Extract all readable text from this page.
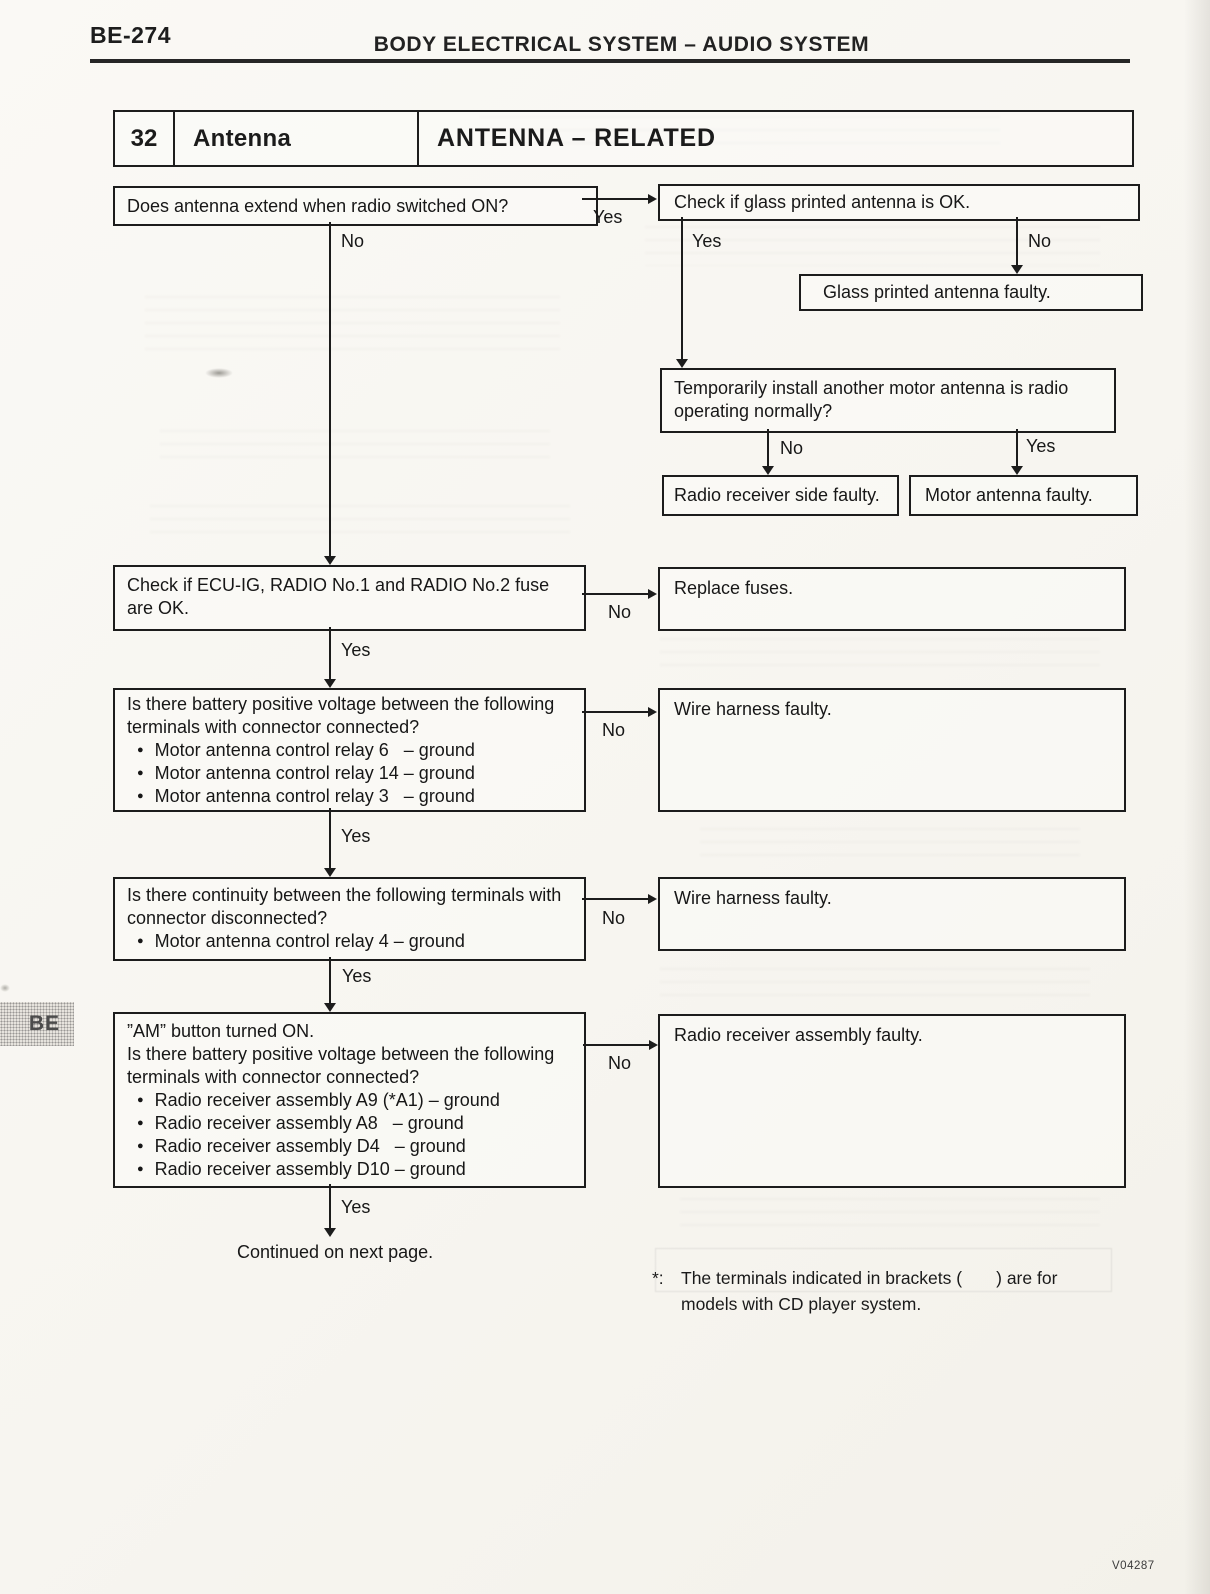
BE-274	BODY ELECTRICAL SYSTEM – AUDIO SYSTEM
32	Antenna	ANTENNA – RELATED
Does antenna extend when radio switched ON?	Check if glass printed antenna is OK.
Glass printed antenna faulty.
Temporarily install another motor antenna is radio
operating normally?
Radio receiver side faulty.	Motor antenna faulty.
Check if ECU-IG, RADIO No.1 and RADIO No.2 fuse
are OK.
Replace fuses.
Is there battery positive voltage between the following
terminals with connector connected?
● Motor antenna control relay 6   – ground
● Motor antenna control relay 14 – ground
● Motor antenna control relay 3   – ground
Wire harness faulty.
Is there continuity between the following terminals with
connector disconnected?
● Motor antenna control relay 4 – ground
Wire harness faulty.
”AM” button turned ON.
Is there battery positive voltage between the following
terminals with connector connected?
● Radio receiver assembly A9 (*A1) – ground
● Radio receiver assembly A8   – ground
● Radio receiver assembly D4   – ground
● Radio receiver assembly D10 – ground
Radio receiver assembly faulty.
Yes
No	Yes	No
No	Yes
No
Yes
No
Yes
No
Yes
No
Yes
Continued on next page.
*: The terminals indicated in brackets (       ) are for
models with CD player system.
BE
V04287
